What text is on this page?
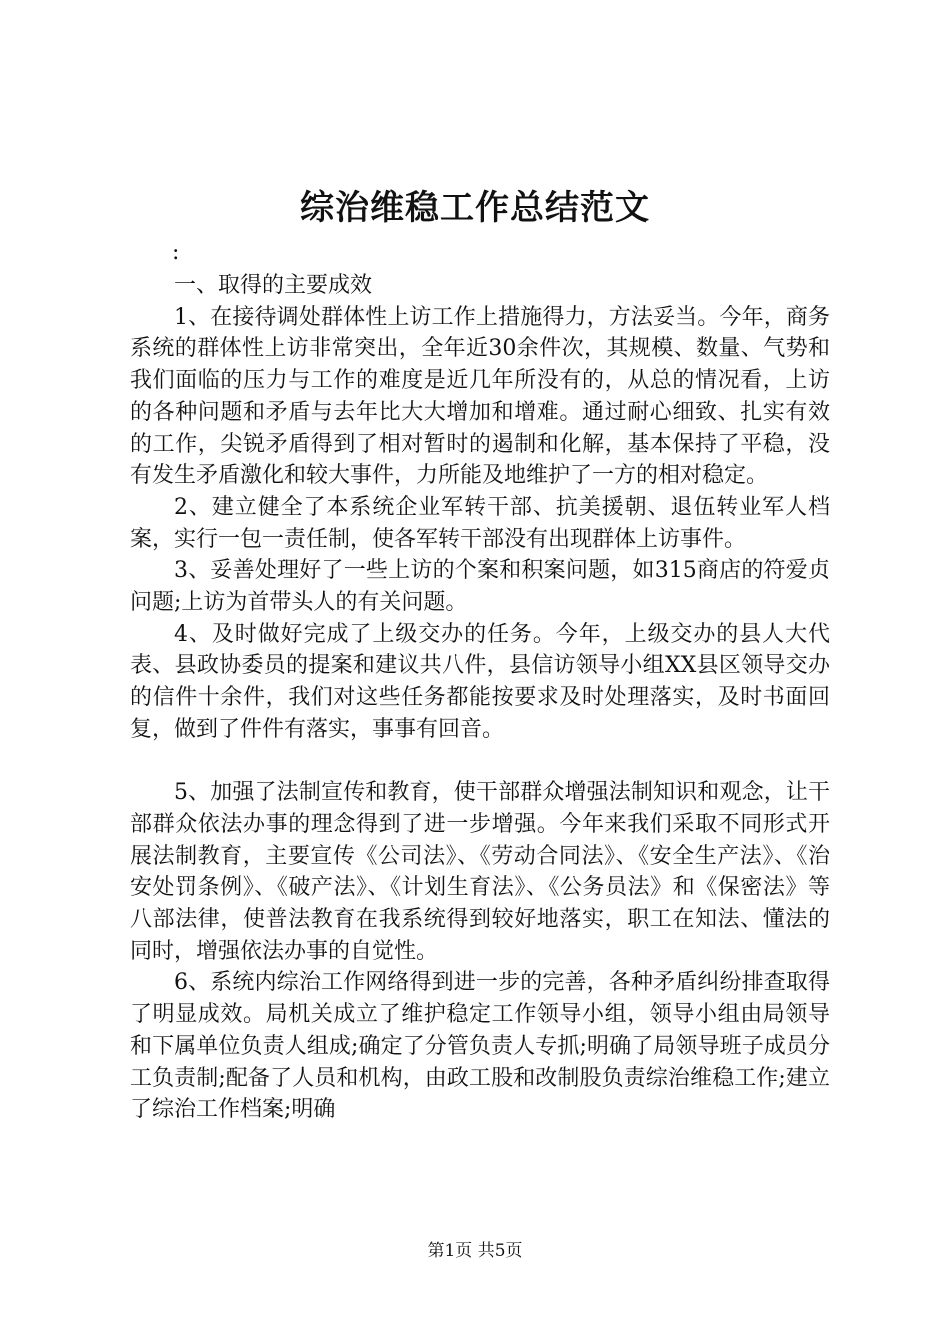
综治维稳工作总结范文
:

一、取得的主要成效

1、在接待调处群体性上访工作上措施得力，方法妥当。今年，商务系统的群体性上访非常突出，全年近30余件次，其规模、数量、气势和我们面临的压力与工作的难度是近几年所没有的，从总的情况看，上访的各种问题和矛盾与去年比大大增加和增难。通过耐心细致、扎实有效的工作，尖锐矛盾得到了相对暂时的遏制和化解，基本保持了平稳，没有发生矛盾激化和较大事件，力所能及地维护了一方的相对稳定。

2、建立健全了本系统企业军转干部、抗美援朝、退伍转业军人档案，实行一包一责任制，使各军转干部没有出现群体上访事件。

3、妥善处理好了一些上访的个案和积案问题，如315商店的符爱贞问题;上访为首带头人的有关问题。

4、及时做好完成了上级交办的任务。今年，上级交办的县人大代表、县政协委员的提案和建议共八件，县信访领导小组XX县区领导交办的信件十余件，我们对这些任务都能按要求及时处理落实，及时书面回复，做到了件件有落实，事事有回音。

5、加强了法制宣传和教育，使干部群众增强法制知识和观念，让干部群众依法办事的理念得到了进一步增强。今年来我们采取不同形式开展法制教育，主要宣传《公司法》、《劳动合同法》、《安全生产法》、《治安处罚条例》、《破产法》、《计划生育法》、《公务员法》和《保密法》等八部法律，使普法教育在我系统得到较好地落实，职工在知法、懂法的同时，增强依法办事的自觉性。

6、系统内综治工作网络得到进一步的完善，各种矛盾纠纷排查取得了明显成效。局机关成立了维护稳定工作领导小组，领导小组由局领导和下属单位负责人组成;确定了分管负责人专抓;明确了局领导班子成员分工负责制;配备了人员和机构，由政工股和改制股负责综治维稳工作;建立了综治工作档案;明确

第1页 共5页
